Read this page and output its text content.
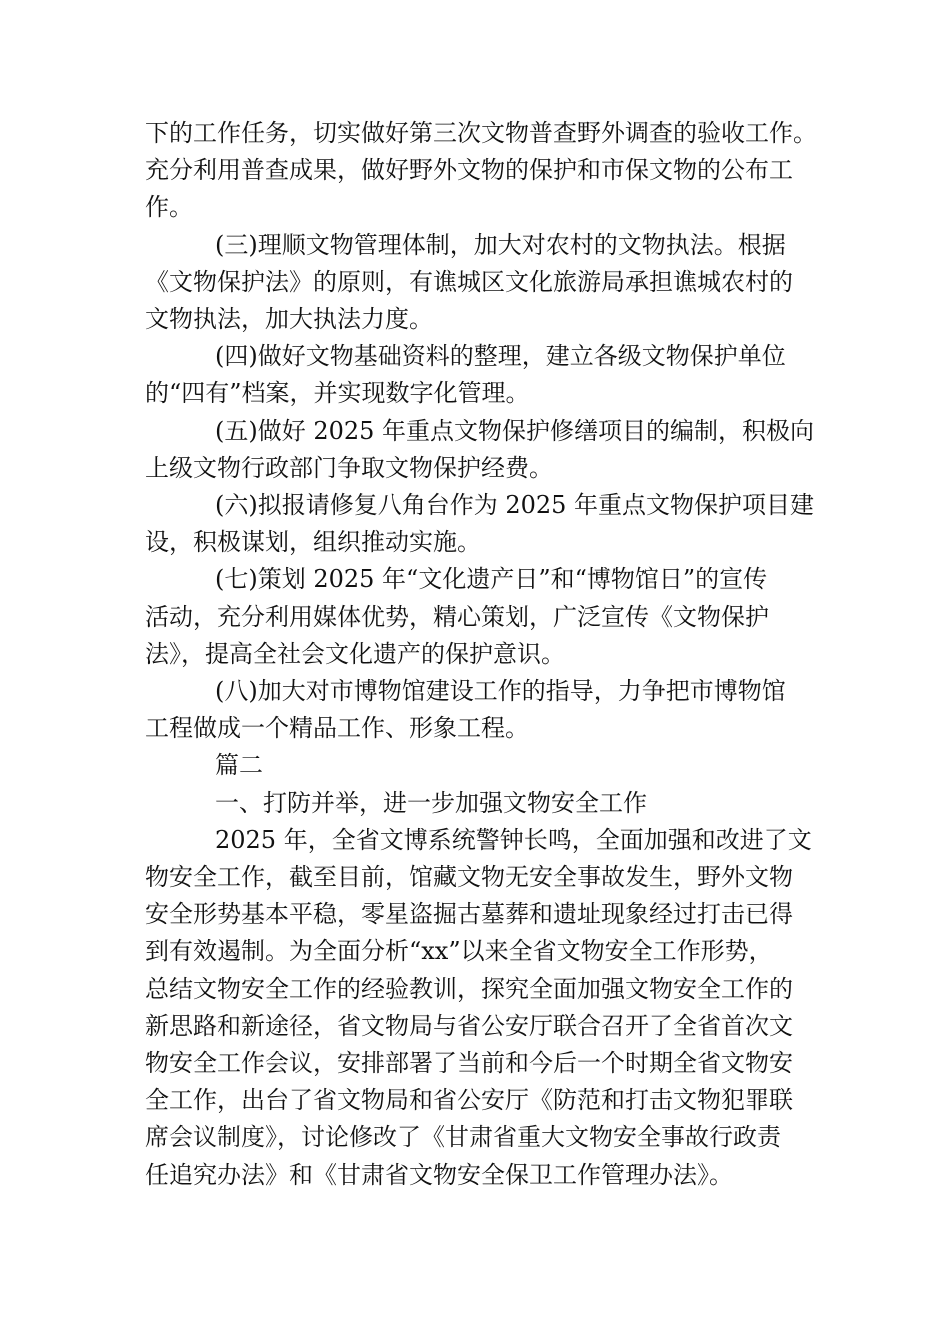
下的工作任务，切实做好第三次文物普查野外调查的验收工作。
充分利用普查成果，做好野外文物的保护和市保文物的公布工
作。
(三)理顺文物管理体制，加大对农村的文物执法。根据
《文物保护法》的原则，有谯城区文化旅游局承担谯城农村的
文物执法，加大执法力度。
(四)做好文物基础资料的整理，建立各级文物保护单位
的“四有”档案，并实现数字化管理。
(五)做好 2025 年重点文物保护修缮项目的编制，积极向
上级文物行政部门争取文物保护经费。
(六)拟报请修复八角台作为 2025 年重点文物保护项目建
设，积极谋划，组织推动实施。
(七)策划 2025 年“文化遗产日”和“博物馆日”的宣传
活动，充分利用媒体优势，精心策划，广泛宣传《文物保护
法》，提高全社会文化遗产的保护意识。
(八)加大对市博物馆建设工作的指导，力争把市博物馆
工程做成一个精品工作、形象工程。
篇二
一、打防并举，进一步加强文物安全工作
2025 年，全省文博系统警钟长鸣，全面加强和改进了文
物安全工作，截至目前，馆藏文物无安全事故发生，野外文物
安全形势基本平稳，零星盗掘古墓葬和遗址现象经过打击已得
到有效遏制。为全面分析“xx”以来全省文物安全工作形势，
总结文物安全工作的经验教训，探究全面加强文物安全工作的
新思路和新途径，省文物局与省公安厅联合召开了全省首次文
物安全工作会议，安排部署了当前和今后一个时期全省文物安
全工作，出台了省文物局和省公安厅《防范和打击文物犯罪联
席会议制度》，讨论修改了《甘肃省重大文物安全事故行政责
任追究办法》和《甘肃省文物安全保卫工作管理办法》。
